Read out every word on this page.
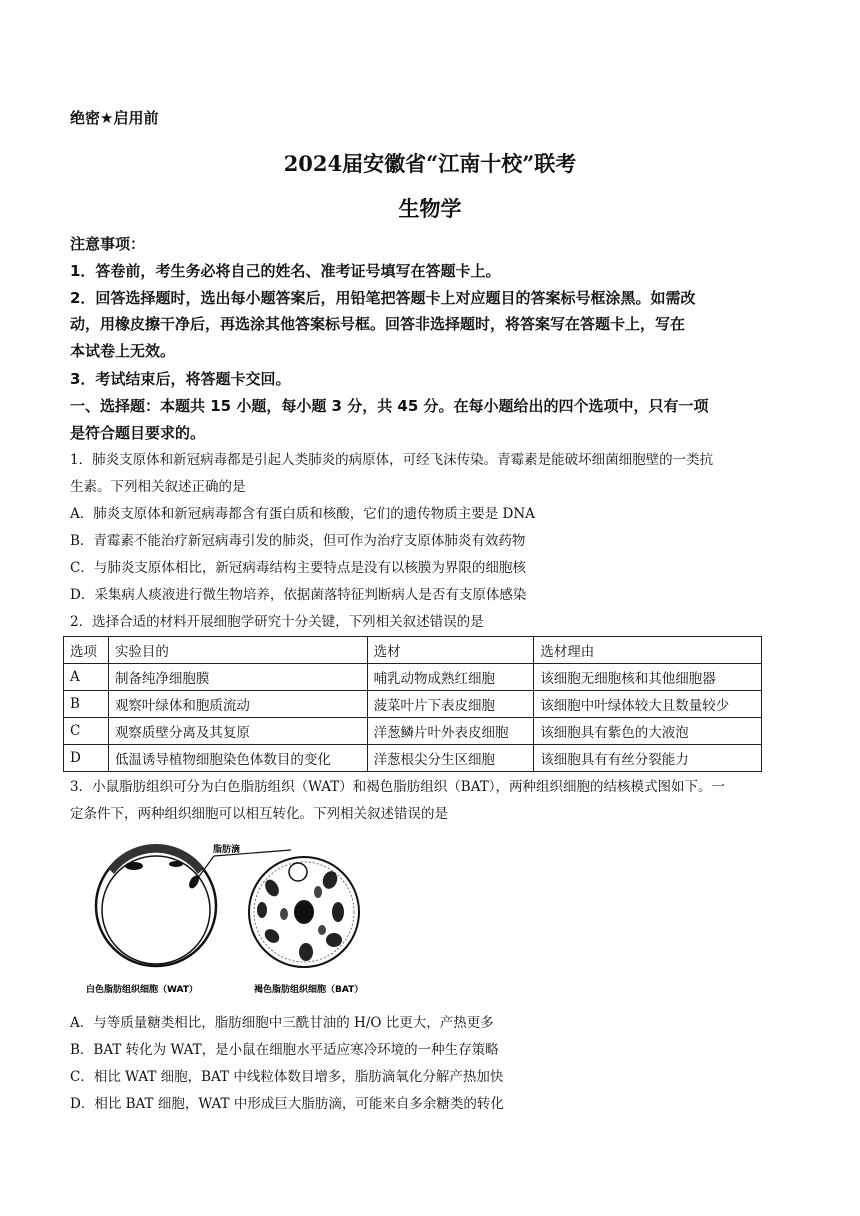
绝密★启用前
2024届安徽省“江南十校”联考
生物学
注意事项：
1．答卷前，考生务必将自己的姓名、准考证号填写在答题卡上。
2．回答选择题时，选出每小题答案后，用铅笔把答题卡上对应题目的答案标号框涂黑。如需改
动，用橡皮擦干净后，再选涂其他答案标号框。回答非选择题时，将答案写在答题卡上，写在
本试卷上无效。
3．考试结束后，将答题卡交回。
一、选择题：本题共 15 小题，每小题 3 分，共 45 分。在每小题给出的四个选项中，只有一项
是符合题目要求的。
1．肺炎支原体和新冠病毒都是引起人类肺炎的病原体，可经飞沫传染。青霉素是能破坏细菌细胞壁的一类抗
生素。下列相关叙述正确的是
A．肺炎支原体和新冠病毒都含有蛋白质和核酸，它们的遗传物质主要是 DNA
B．青霉素不能治疗新冠病毒引发的肺炎，但可作为治疗支原体肺炎有效药物
C．与肺炎支原体相比，新冠病毒结构主要特点是没有以核膜为界限的细胞核
D．采集病人痰液进行微生物培养，依据菌落特征判断病人是否有支原体感染
2．选择合适的材料开展细胞学研究十分关键，下列相关叙述错误的是
选项	实验目的	选材	选材理由
A	制备纯净细胞膜	哺乳动物成熟红细胞	该细胞无细胞核和其他细胞器
B	观察叶绿体和胞质流动	菠菜叶片下表皮细胞	该细胞中叶绿体较大且数量较少
C	观察质壁分离及其复原	洋葱鳞片叶外表皮细胞	该细胞具有紫色的大液泡
D	低温诱导植物细胞染色体数目的变化	洋葱根尖分生区细胞	该细胞具有有丝分裂能力
3．小鼠脂肪组织可分为白色脂肪组织（WAT）和褐色脂肪组织（BAT），两种组织细胞的结核模式图如下。一
定条件下，两种组织细胞可以相互转化。下列相关叙述错误的是
脂肪滴
白色脂肪组织细胞（WAT）	褐色脂肪组织细胞（BAT）
A．与等质量糖类相比，脂肪细胞中三酰甘油的 H/O 比更大，产热更多
B．BAT 转化为 WAT，是小鼠在细胞水平适应寒冷环境的一种生存策略
C．相比 WAT 细胞，BAT 中线粒体数目增多，脂肪滴氧化分解产热加快
D．相比 BAT 细胞，WAT 中形成巨大脂肪滴，可能来自多余糖类的转化
